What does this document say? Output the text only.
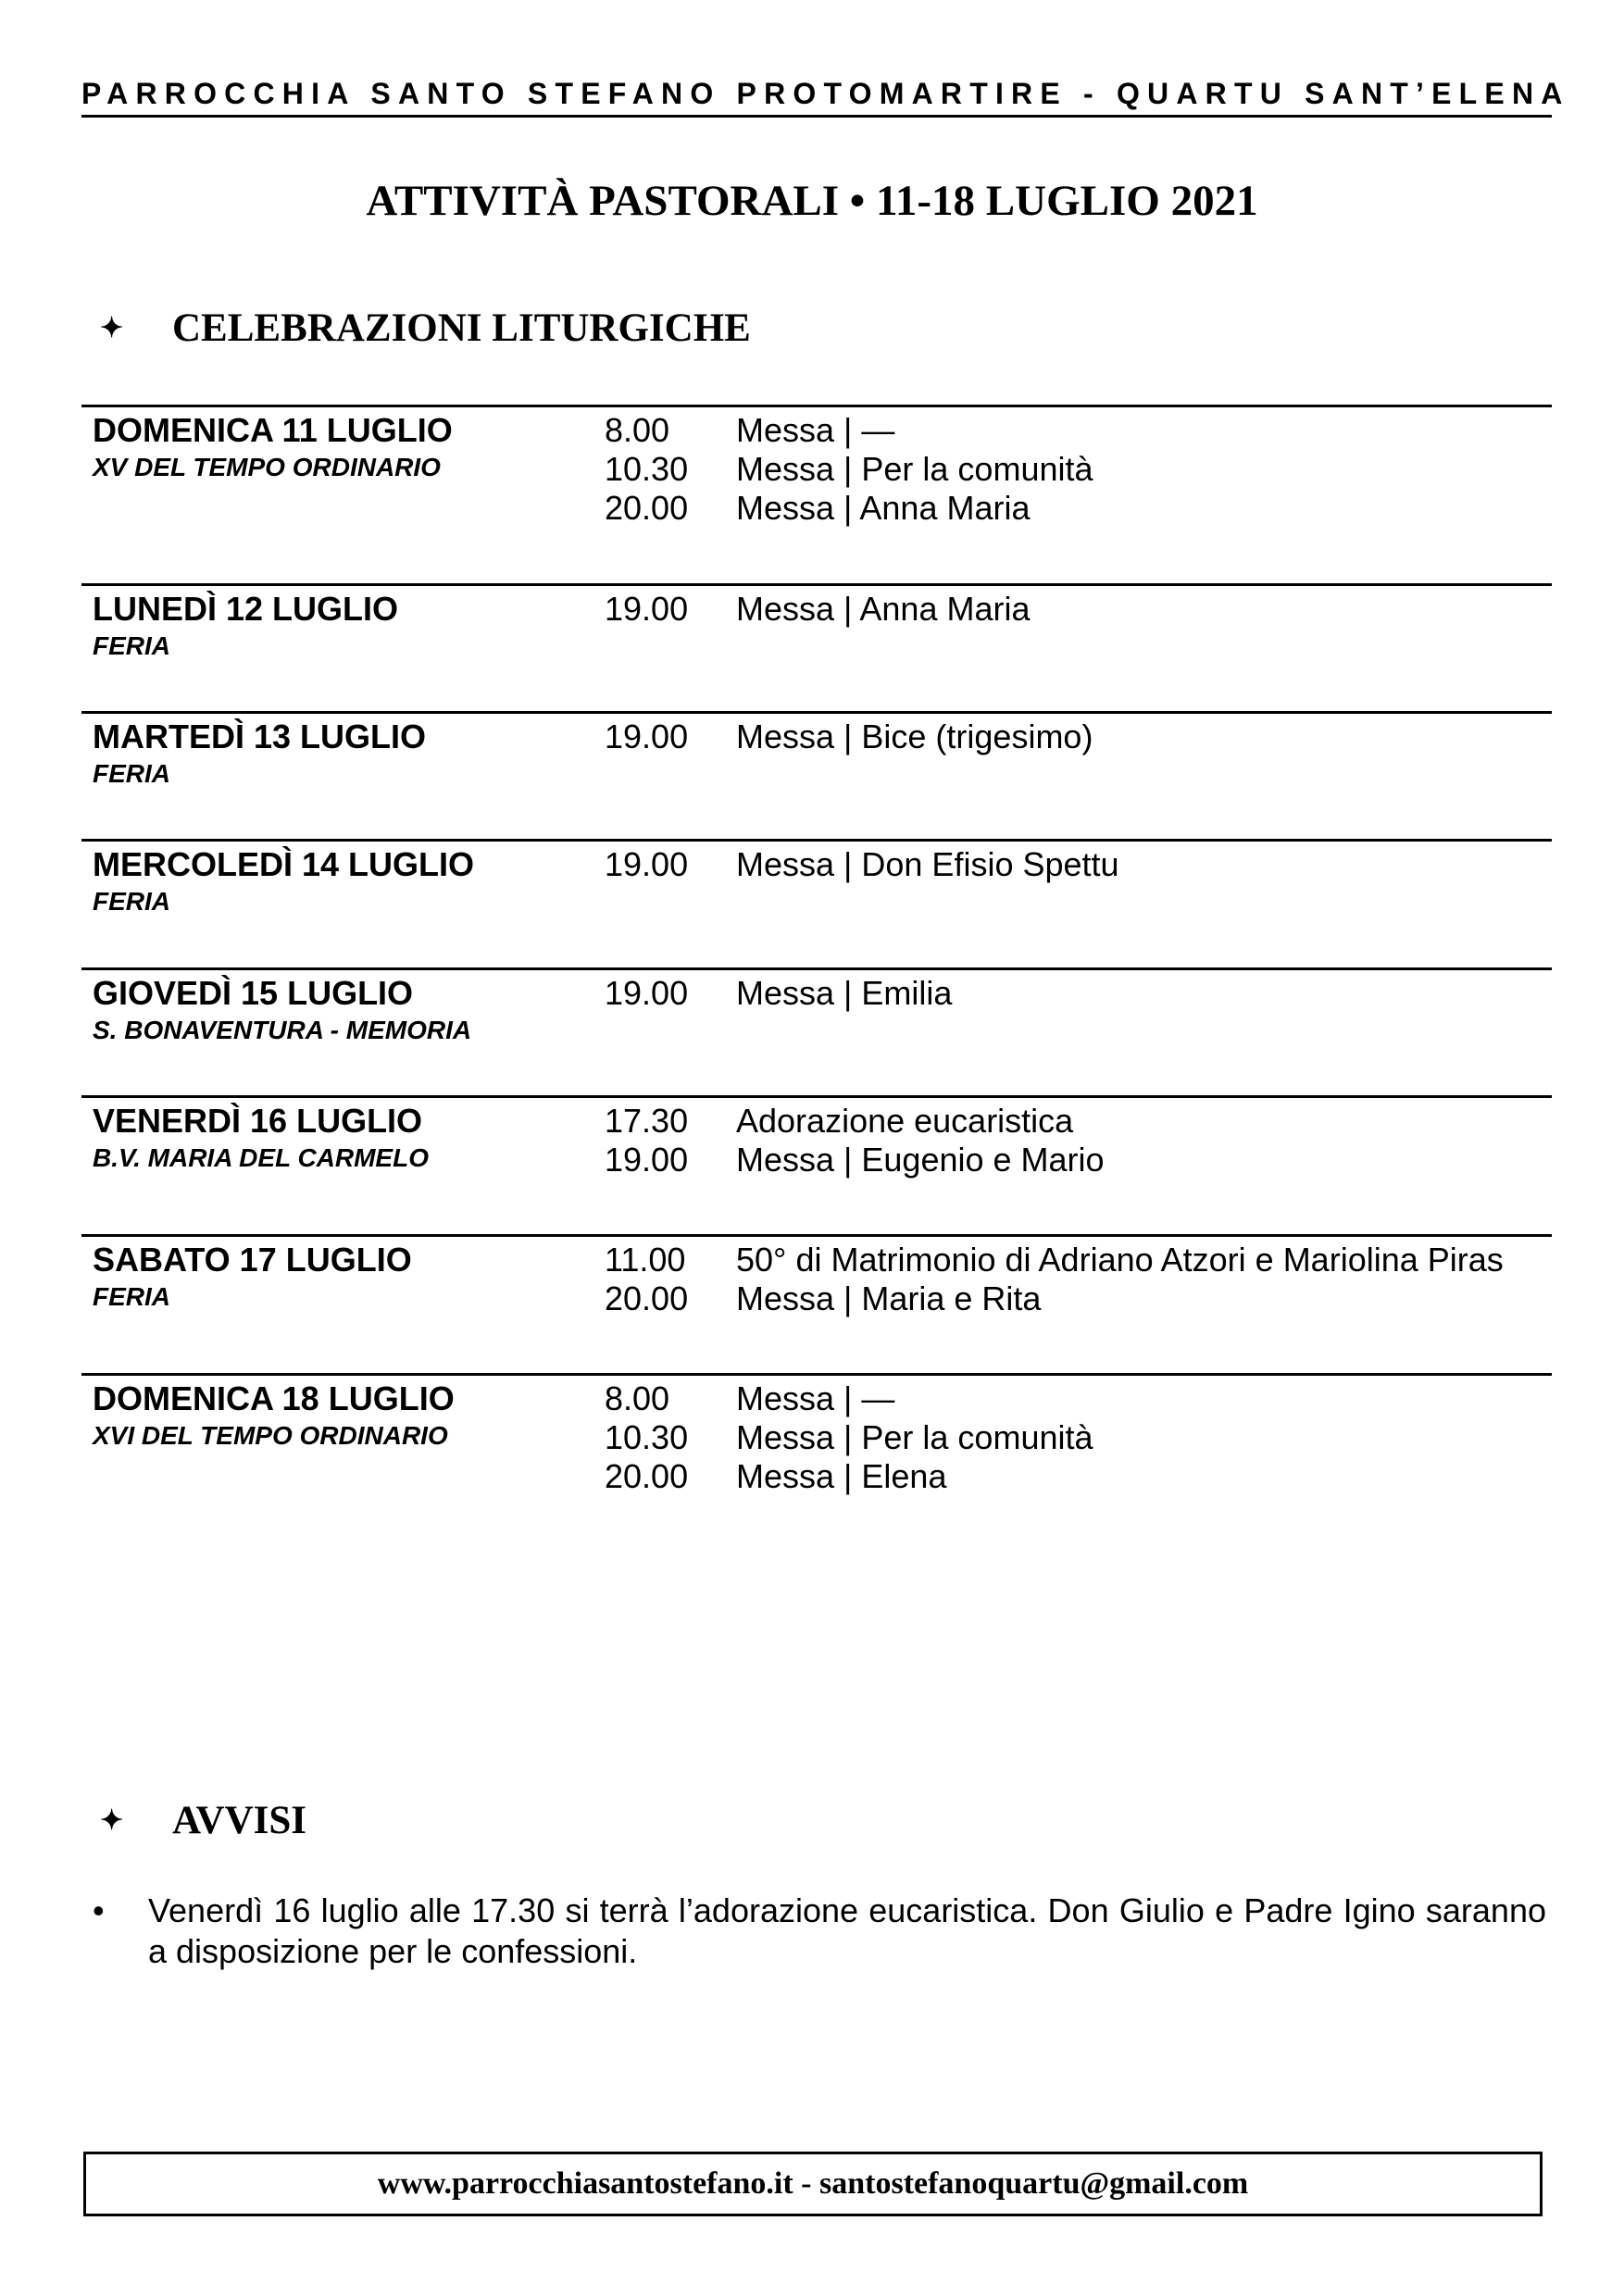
PARROCCHIA SANTO STEFANO PROTOMARTIRE - QUARTU SANT’ELENA
ATTIVITÀ PASTORALI • 11-18 LUGLIO 2021
✦ CELEBRAZIONI LITURGICHE
DOMENICA 11 LUGLIO
XV DEL TEMPO ORDINARIO
8.00 Messa | —
10.30 Messa | Per la comunità
20.00 Messa | Anna Maria
LUNEDÌ 12 LUGLIO
FERIA
19.00 Messa | Anna Maria
MARTEDÌ 13 LUGLIO
FERIA
19.00 Messa | Bice (trigesimo)
MERCOLEDÌ 14 LUGLIO
FERIA
19.00 Messa | Don Efisio Spettu
GIOVEDÌ 15 LUGLIO
S. BONAVENTURA - MEMORIA
19.00 Messa | Emilia
VENERDÌ 16 LUGLIO
B.V. MARIA DEL CARMELO
17.30 Adorazione eucaristica
19.00 Messa | Eugenio e Mario
SABATO 17 LUGLIO
FERIA
11.00 50° di Matrimonio di Adriano Atzori e Mariolina Piras
20.00 Messa | Maria e Rita
DOMENICA 18 LUGLIO
XVI DEL TEMPO ORDINARIO
8.00 Messa | —
10.30 Messa | Per la comunità
20.00 Messa | Elena
✦ AVVISI
• Venerdì 16 luglio alle 17.30 si terrà l’adorazione eucaristica. Don Giulio e Padre Igino saranno a disposizione per le confessioni.
www.parrocchiasantostefano.it - santostefanoquartu@gmail.com
